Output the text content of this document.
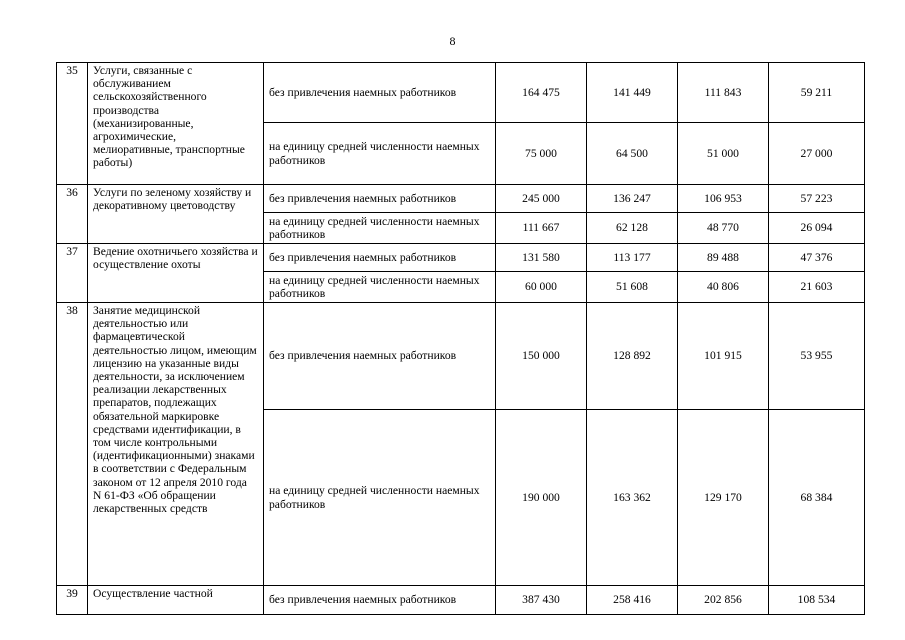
8
35	Услуги, связанные с обслуживанием сельскохозяйственного производства (механизированные, агрохимические, мелиоративные, транспортные работы)	без привлечения наемных работников	164 475	141 449	111 843	59 211
		на единицу средней численности наемных работников	75 000	64 500	51 000	27 000
36	Услуги по зеленому хозяйству и декоративному цветоводству	без привлечения наемных работников	245 000	136 247	106 953	57 223
		на единицу средней численности наемных работников	111 667	62 128	48 770	26 094
37	Ведение охотничьего хозяйства и осуществление охоты	без привлечения наемных работников	131 580	113 177	89 488	47 376
		на единицу средней численности наемных работников	60 000	51 608	40 806	21 603
38	Занятие медицинской деятельностью или фармацевтической деятельностью лицом, имеющим лицензию на указанные виды деятельности, за исключением реализации лекарственных препаратов, подлежащих обязательной маркировке средствами идентификации, в том числе контрольными (идентификационными) знаками в соответствии с Федеральным законом от 12 апреля 2010 года N 61-ФЗ «Об обращении лекарственных средств	без привлечения наемных работников	150 000	128 892	101 915	53 955
		на единицу средней численности наемных работников	190 000	163 362	129 170	68 384
39	Осуществление частной	без привлечения наемных работников	387 430	258 416	202 856	108 534
